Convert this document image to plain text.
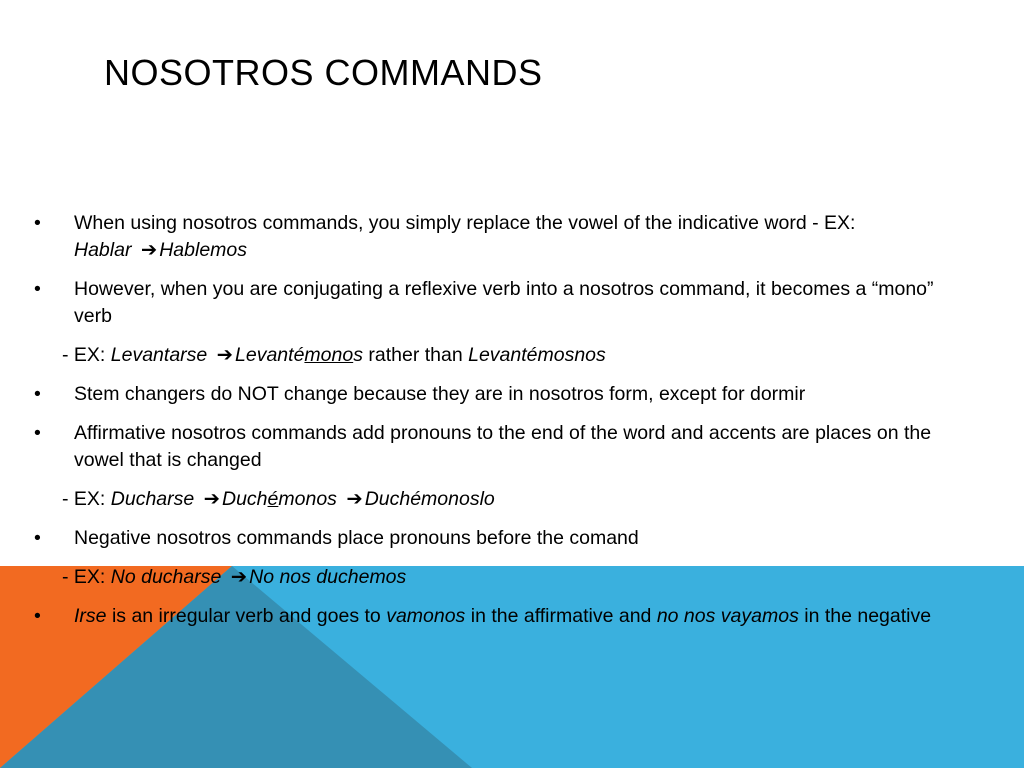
NOSOTROS COMMANDS
• When using nosotros commands, you simply replace the vowel of the indicative word - EX:
Hablar ➔ Hablemos
• However, when you are conjugating a reflexive verb into a nosotros command, it becomes a “mono” verb
- EX: Levantarse ➔ Levantémonos rather than Levantémosnos
• Stem changers do NOT change because they are in nosotros form, except for dormir
• Affirmative nosotros commands add pronouns to the end of the word and accents are places on the vowel that is changed
- EX: Ducharse ➔ Duchémonos ➔ Duchémonoslo
• Negative nosotros commands place pronouns before the comand
- EX: No ducharse ➔ No nos duchemos
• Irse is an irregular verb and goes to vamonos in the affirmative and no nos vayamos in the negative
